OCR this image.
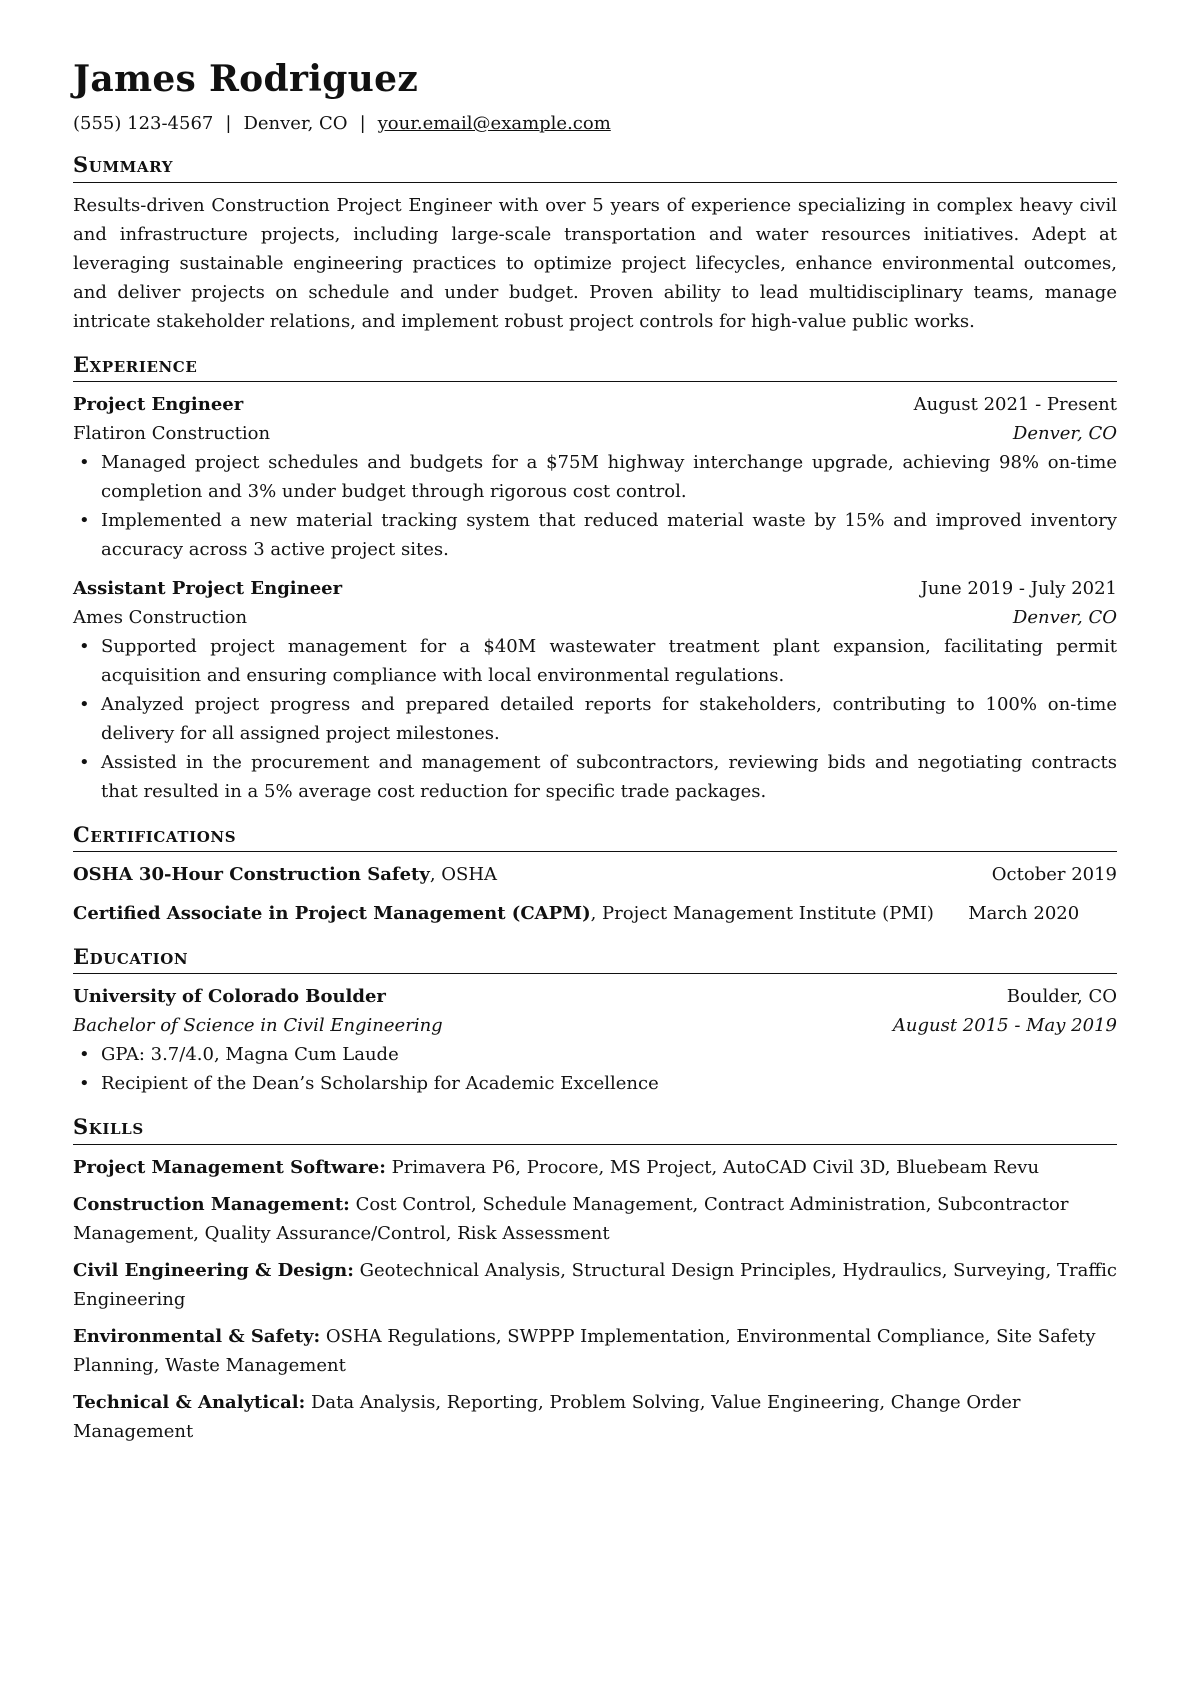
James Rodriguez
(555) 123-4567 | Denver, CO | your.email@example.com
Summary

Results-driven Construction Project Engineer with over 5 years of experience specializing in complex heavy civil and infrastructure projects, including large-scale transportation and water resources initiatives. Adept at leveraging sustainable engineering practices to optimize project lifecycles, enhance environmental outcomes, and deliver projects on schedule and under budget. Proven ability to lead multidisciplinary teams, manage intricate stakeholder relations, and implement robust project controls for high-value public works.

Experience
Project Engineer	August 2021 - Present
Flatiron Construction	Denver, CO
• Managed project schedules and budgets for a $75M highway interchange upgrade, achieving 98% on-time completion and 3% under budget through rigorous cost control.
• Implemented a new material tracking system that reduced material waste by 15% and improved inventory accuracy across 3 active project sites.
Assistant Project Engineer	June 2019 - July 2021
Ames Construction	Denver, CO
• Supported project management for a $40M wastewater treatment plant expansion, facilitating permit acquisition and ensuring compliance with local environmental regulations.
• Analyzed project progress and prepared detailed reports for stakeholders, contributing to 100% on-time delivery for all assigned project milestones.
• Assisted in the procurement and management of subcontractors, reviewing bids and negotiating contracts that resulted in a 5% average cost reduction for specific trade packages.
Certifications
OSHA 30-Hour Construction Safety, OSHA	October 2019
Certified Associate in Project Management (CAPM), Project Management Institute (PMI) March 2020
Education
University of Colorado Boulder	Boulder, CO
Bachelor of Science in Civil Engineering	August 2015 - May 2019
• GPA: 3.7/4.0, Magna Cum Laude
• Recipient of the Dean’s Scholarship for Academic Excellence
Skills
Project Management Software: Primavera P6, Procore, MS Project, AutoCAD Civil 3D, Bluebeam Revu
Construction Management: Cost Control, Schedule Management, Contract Administration, Subcontractor Management, Quality Assurance/Control, Risk Assessment
Civil Engineering & Design: Geotechnical Analysis, Structural Design Principles, Hydraulics, Surveying, Traffic Engineering
Environmental & Safety: OSHA Regulations, SWPPP Implementation, Environmental Compliance, Site Safety Planning, Waste Management
Technical & Analytical: Data Analysis, Reporting, Problem Solving, Value Engineering, Change Order Management
